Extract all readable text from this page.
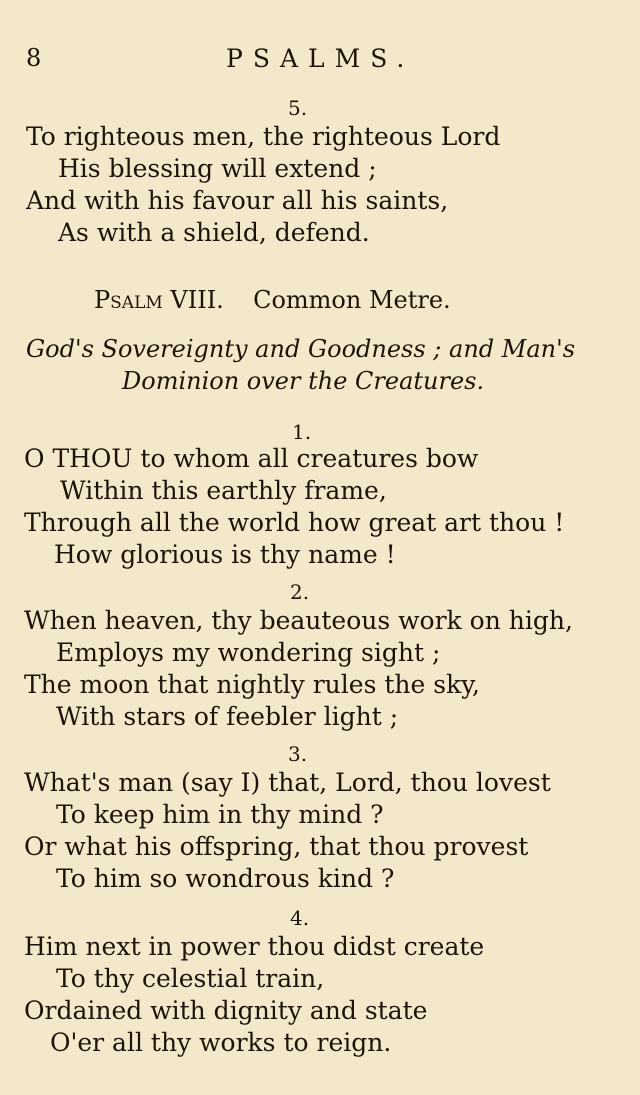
8	PSALMS.
5.
To righteous men, the righteous Lord
His blessing will extend ;
And with his favour all his saints,
As with a shield, defend.
Psalm VIII. Common Metre.
God's Sovereignty and Goodness ; and Man's
Dominion over the Creatures.
1.
O THOU to whom all creatures bow
Within this earthly frame,
Through all the world how great art thou !
How glorious is thy name !
2.
When heaven, thy beauteous work on high,
Employs my wondering sight ;
The moon that nightly rules the sky,
With stars of feebler light ;
3.
What's man (say I) that, Lord, thou lovest
To keep him in thy mind ?
Or what his offspring, that thou provest
To him so wondrous kind ?
4.
Him next in power thou didst create
To thy celestial train,
Ordained with dignity and state
O'er all thy works to reign.
